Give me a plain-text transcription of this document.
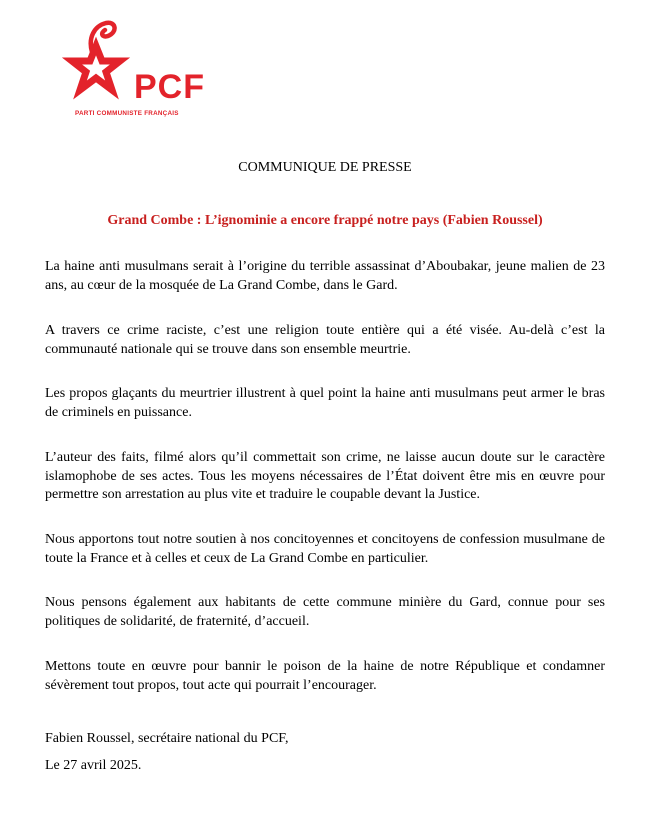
PCF
PARTI COMMUNISTE FRANÇAIS
COMMUNIQUE DE PRESSE
Grand Combe : L’ignominie a encore frappé notre pays (Fabien Roussel)

La haine anti musulmans serait à l’origine du terrible assassinat d’Aboubakar, jeune malien de 23 ans, au cœur de la mosquée de La Grand Combe, dans le Gard.

A travers ce crime raciste, c’est une religion toute entière qui a été visée. Au-delà c’est la communauté nationale qui se trouve dans son ensemble meurtrie.

Les propos glaçants du meurtrier illustrent à quel point la haine anti musulmans peut armer le bras de criminels en puissance.

L’auteur des faits, filmé alors qu’il commettait son crime, ne laisse aucun doute sur le caractère islamophobe de ses actes. Tous les moyens nécessaires de l’État doivent être mis en œuvre pour permettre son arrestation au plus vite et traduire le coupable devant la Justice.

Nous apportons tout notre soutien à nos concitoyennes et concitoyens de confession musulmane de toute la France et à celles et ceux de La Grand Combe en particulier.

Nous pensons également aux habitants de cette commune minière du Gard, connue pour ses politiques de solidarité, de fraternité, d’accueil.

Mettons toute en œuvre pour bannir le poison de la haine de notre République et condamner sévèrement tout propos, tout acte qui pourrait l’encourager.

Fabien Roussel, secrétaire national du PCF,

Le 27 avril 2025.
